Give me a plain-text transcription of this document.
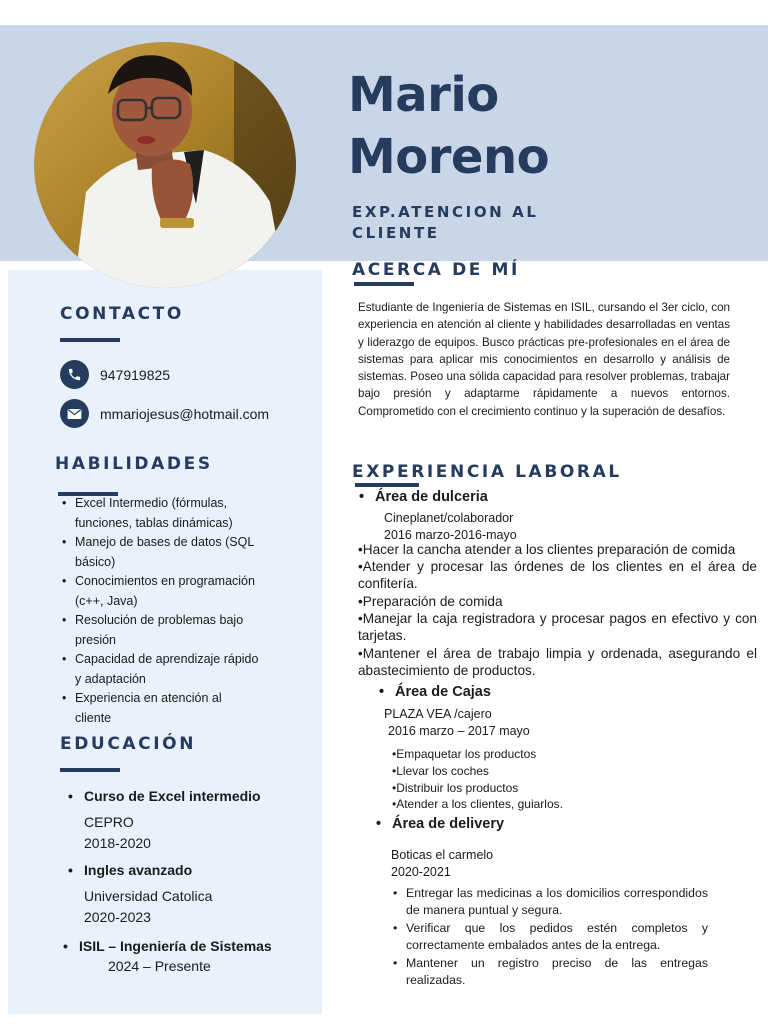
Mario
Moreno
EXP.ATENCION AL
CLIENTE
CONTACTO
947919825
mmariojesus@hotmail.com
HABILIDADES
• Excel Intermedio (fórmulas, funciones, tablas dinámicas)
• Manejo de bases de datos (SQL básico)
• Conocimientos en programación (c++, Java)
• Resolución de problemas bajo presión
• Capacidad de aprendizaje rápido y adaptación
• Experiencia en atención al cliente
EDUCACIÓN
• Curso de Excel intermedio
CEPRO
2018-2020
• Ingles avanzado
Universidad Catolica
2020-2023
• ISIL – Ingeniería de Sistemas
2024 – Presente
ACERCA DE MÍ
Estudiante de Ingeniería de Sistemas en ISIL, cursando el 3er ciclo, con experiencia en atención al cliente y habilidades desarrolladas en ventas y liderazgo de equipos. Busco prácticas pre-profesionales en el área de sistemas para aplicar mis conocimientos en desarrollo y análisis de sistemas. Poseo una sólida capacidad para resolver problemas, trabajar bajo presión y adaptarme rápidamente a nuevos entornos. Comprometido con el crecimiento continuo y la superación de desafíos.
EXPERIENCIA LABORAL
• Área de dulceria
Cineplanet/colaborador
2016 marzo-2016-mayo
•Hacer la cancha atender a los clientes preparación de comida
•Atender y procesar las órdenes de los clientes en el área de confitería.
•Preparación de comida
•Manejar la caja registradora y procesar pagos en efectivo y con tarjetas.
•Mantener el área de trabajo limpia y ordenada, asegurando el abastecimiento de productos.
• Área de Cajas
PLAZA VEA /cajero
2016 marzo – 2017 mayo
•Empaquetar los productos
•Llevar los coches
•Distribuir los productos
•Atender a los clientes, guiarlos.
• Área de delivery
Boticas el carmelo
2020-2021
• Entregar las medicinas a los domicilios correspondidos de manera puntual y segura.
• Verificar que los pedidos estén completos y correctamente embalados antes de la entrega.
• Mantener un registro preciso de las entregas realizadas.
